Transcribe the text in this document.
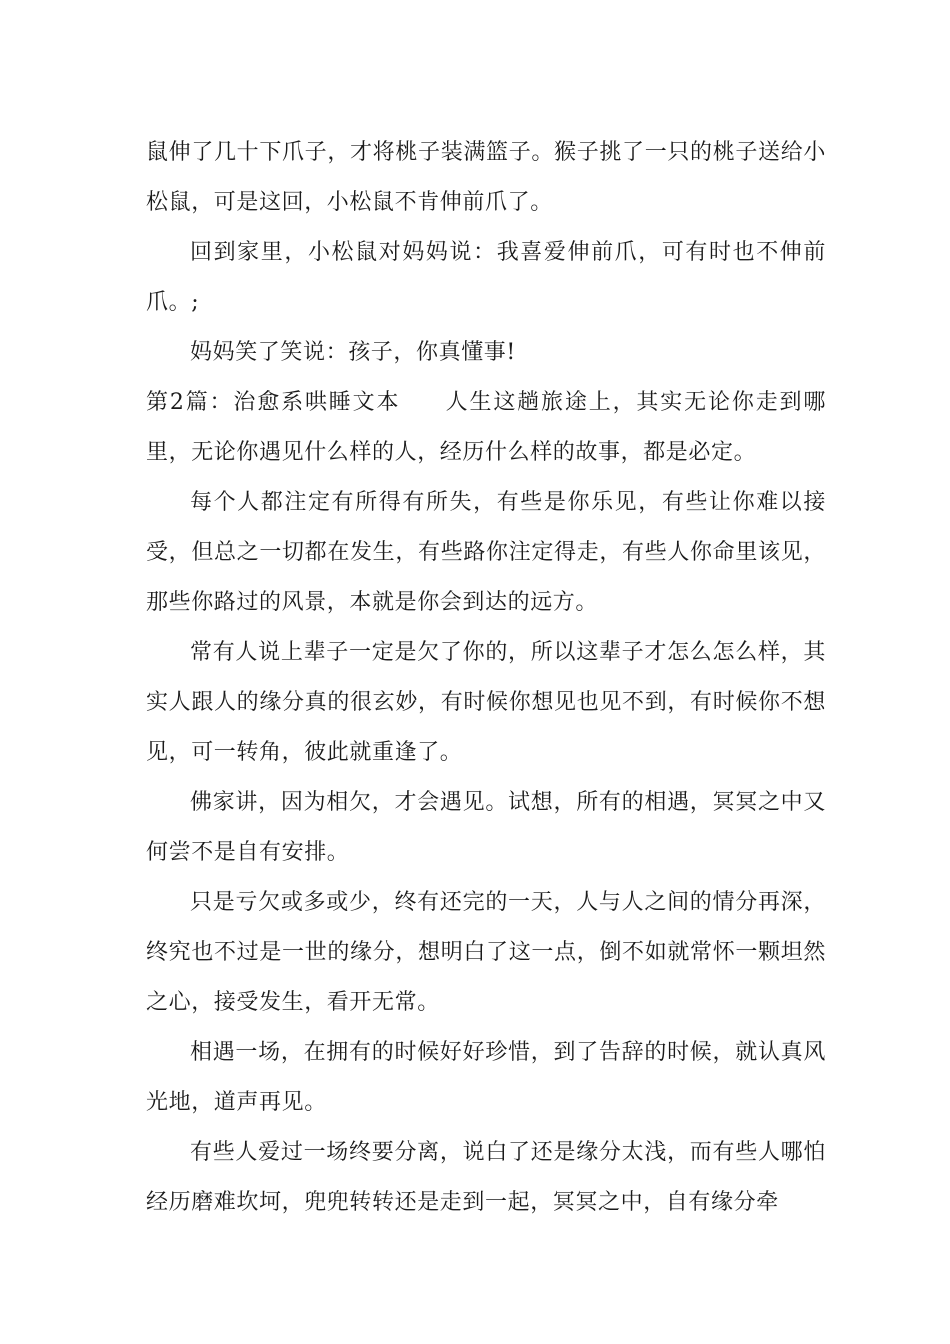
鼠伸了几十下爪子，才将桃子装满篮子。猴子挑了一只的桃子送给小松鼠，可是这回，小松鼠不肯伸前爪了。

回到家里，小松鼠对妈妈说：我喜爱伸前爪，可有时也不伸前爪。;

妈妈笑了笑说：孩子，你真懂事!

第2篇：治愈系哄睡文本 人生这趟旅途上，其实无论你走到哪里，无论你遇见什么样的人，经历什么样的故事，都是必定。

每个人都注定有所得有所失，有些是你乐见，有些让你难以接受，但总之一切都在发生，有些路你注定得走，有些人你命里该见，那些你路过的风景，本就是你会到达的远方。

常有人说上辈子一定是欠了你的，所以这辈子才怎么怎么样，其实人跟人的缘分真的很玄妙，有时候你想见也见不到，有时候你不想见，可一转角，彼此就重逢了。

佛家讲，因为相欠，才会遇见。试想，所有的相遇，冥冥之中又何尝不是自有安排。

只是亏欠或多或少，终有还完的一天，人与人之间的情分再深，终究也不过是一世的缘分，想明白了这一点，倒不如就常怀一颗坦然之心，接受发生，看开无常。

相遇一场，在拥有的时候好好珍惜，到了告辞的时候，就认真风光地，道声再见。

有些人爱过一场终要分离，说白了还是缘分太浅，而有些人哪怕经历磨难坎坷，兜兜转转还是走到一起，冥冥之中，自有缘分牵
